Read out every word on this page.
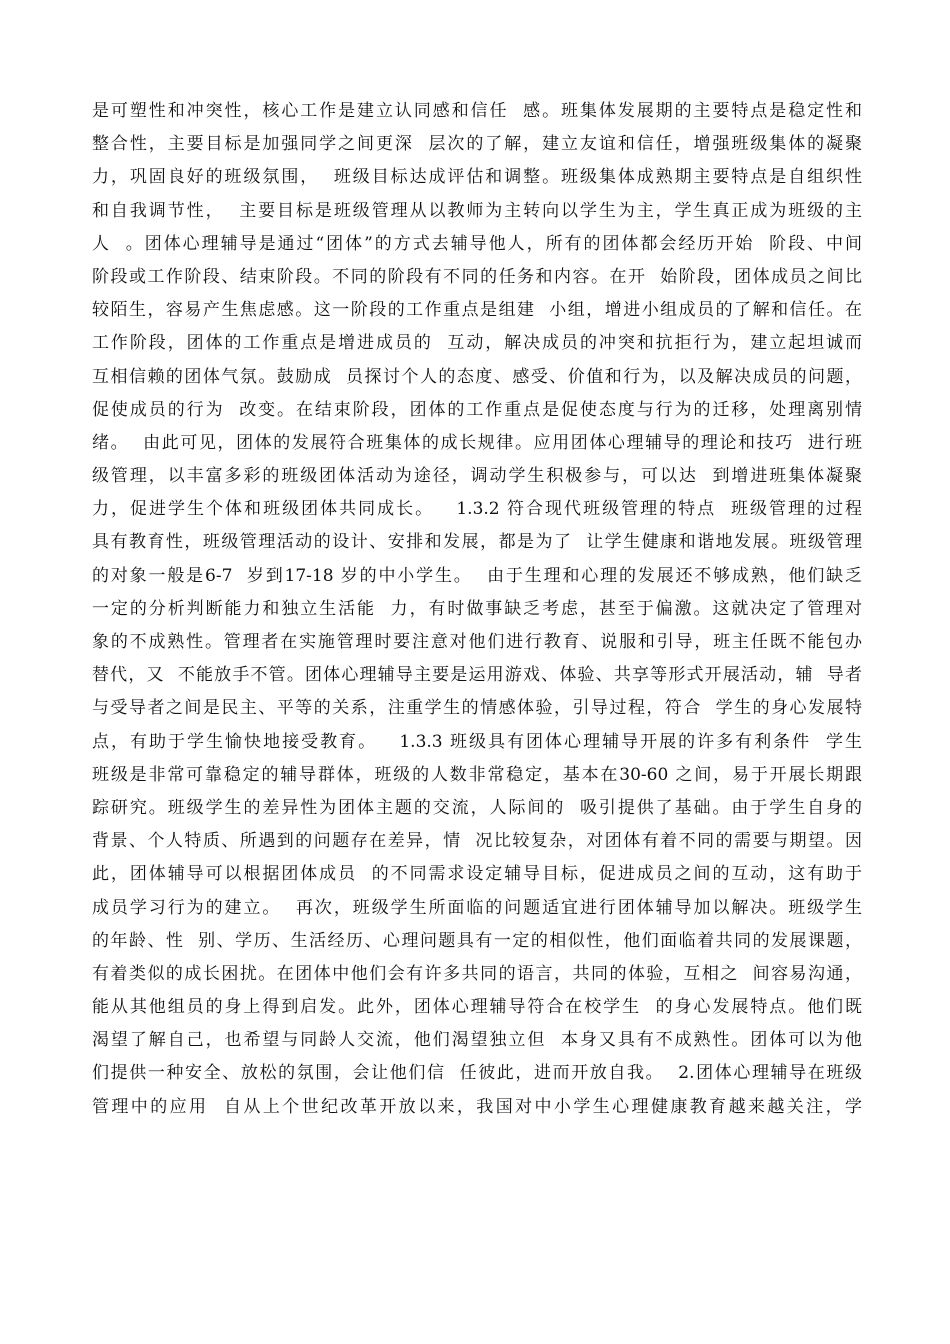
是可塑性和冲突性，核心工作是建立认同感和信任  感。班集体发展期的主要特点是稳定性和
整合性，主要目标是加强同学之间更深  层次的了解，建立友谊和信任，增强班级集体的凝聚
力，巩固良好的班级氛围，  班级目标达成评估和调整。班级集体成熟期主要特点是自组织性
和自我调节性，  主要目标是班级管理从以教师为主转向以学生为主，学生真正成为班级的主
人  。团体心理辅导是通过“团体”的方式去辅导他人，所有的团体都会经历开始  阶段、中间
阶段或工作阶段、结束阶段。不同的阶段有不同的任务和内容。在开  始阶段，团体成员之间比
较陌生，容易产生焦虑感。这一阶段的工作重点是组建  小组，增进小组成员的了解和信任。在
工作阶段，团体的工作重点是增进成员的  互动，解决成员的冲突和抗拒行为，建立起坦诚而
互相信赖的团体气氛。鼓励成  员探讨个人的态度、感受、价值和行为，以及解决成员的问题，
促使成员的行为  改变。在结束阶段，团体的工作重点是促使态度与行为的迁移，处理离别情
绪。  由此可见，团体的发展符合班集体的成长规律。应用团体心理辅导的理论和技巧  进行班
级管理，以丰富多彩的班级团体活动为途径，调动学生积极参与，可以达  到增进班集体凝聚
力，促进学生个体和班级团体共同成长。   1.3.2 符合现代班级管理的特点  班级管理的过程
具有教育性，班级管理活动的设计、安排和发展，都是为了  让学生健康和谐地发展。班级管理
的对象一般是6-7  岁到17-18 岁的中小学生。  由于生理和心理的发展还不够成熟，他们缺乏
一定的分析判断能力和独立生活能  力，有时做事缺乏考虑，甚至于偏激。这就决定了管理对
象的不成熟性。管理者在实施管理时要注意对他们进行教育、说服和引导，班主任既不能包办
替代，又  不能放手不管。团体心理辅导主要是运用游戏、体验、共享等形式开展活动，辅  导者
与受导者之间是民主、平等的关系，注重学生的情感体验，引导过程，符合  学生的身心发展特
点，有助于学生愉快地接受教育。   1.3.3 班级具有团体心理辅导开展的许多有利条件  学生
班级是非常可靠稳定的辅导群体，班级的人数非常稳定，基本在30-60 之间，易于开展长期跟
踪研究。班级学生的差异性为团体主题的交流，人际间的  吸引提供了基础。由于学生自身的
背景、个人特质、所遇到的问题存在差异，情  况比较复杂，对团体有着不同的需要与期望。因
此，团体辅导可以根据团体成员  的不同需求设定辅导目标，促进成员之间的互动，这有助于
成员学习行为的建立。  再次，班级学生所面临的问题适宜进行团体辅导加以解决。班级学生
的年龄、性  别、学历、生活经历、心理问题具有一定的相似性，他们面临着共同的发展课题，
有着类似的成长困扰。在团体中他们会有许多共同的语言，共同的体验，互相之  间容易沟通，
能从其他组员的身上得到启发。此外，团体心理辅导符合在校学生  的身心发展特点。他们既
渴望了解自己，也希望与同龄人交流，他们渴望独立但  本身又具有不成熟性。团体可以为他
们提供一种安全、放松的氛围，会让他们信  任彼此，进而开放自我。  2.团体心理辅导在班级
管理中的应用  自从上个世纪改革开放以来，我国对中小学生心理健康教育越来越关注，学
